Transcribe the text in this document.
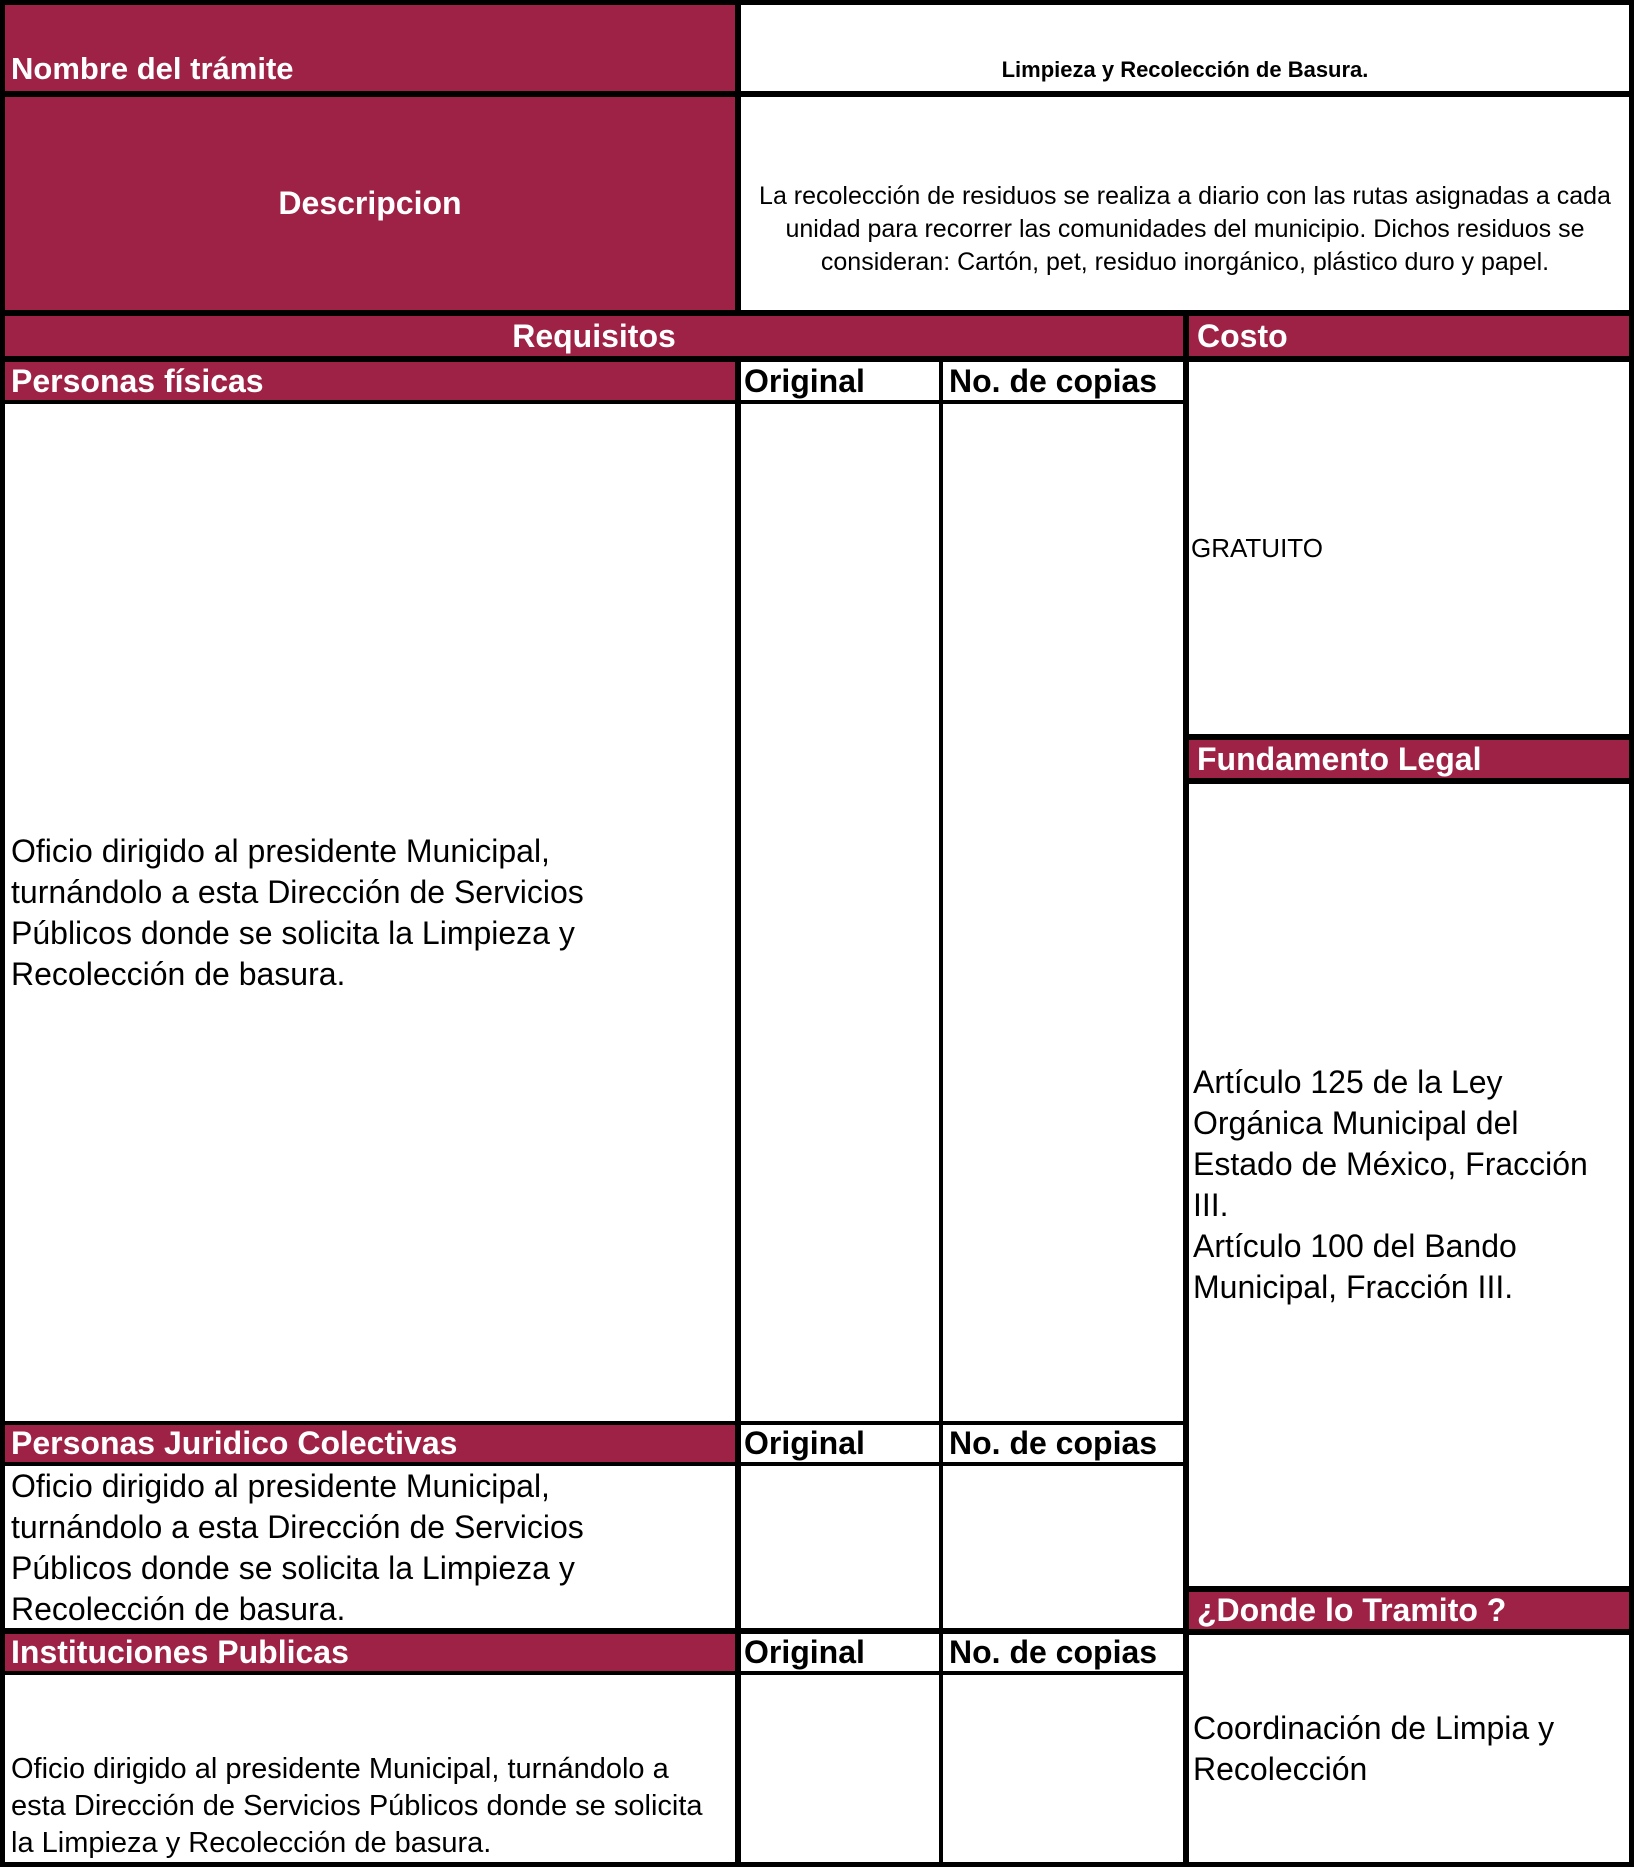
Nombre del trámite	Limpieza y Recolección de Basura.
Descripcion	La recolección de residuos se realiza a diario con las rutas asignadas a cada unidad para recorrer las comunidades del municipio. Dichos residuos se consideran: Cartón, pet, residuo inorgánico, plástico duro y papel.
Requisitos	Costo
Personas físicas	Original	No. de copias
Oficio dirigido al presidente Municipal, turnándolo a esta Dirección de Servicios Públicos donde se solicita la Limpieza y Recolección de basura.
Personas Juridico Colectivas	Original	No. de copias
Oficio dirigido al presidente Municipal, turnándolo a esta Dirección de Servicios Públicos donde se solicita la Limpieza y Recolección de basura.
Instituciones Publicas	Original	No. de copias
Oficio dirigido al presidente Municipal, turnándolo a esta Dirección de Servicios Públicos donde se solicita la Limpieza y Recolección de basura.
GRATUITO
Fundamento Legal
Artículo 125 de la Ley Orgánica Municipal del Estado de México, Fracción III.
Artículo 100 del Bando Municipal, Fracción III.
¿Donde lo Tramito ?
Coordinación de Limpia y Recolección
